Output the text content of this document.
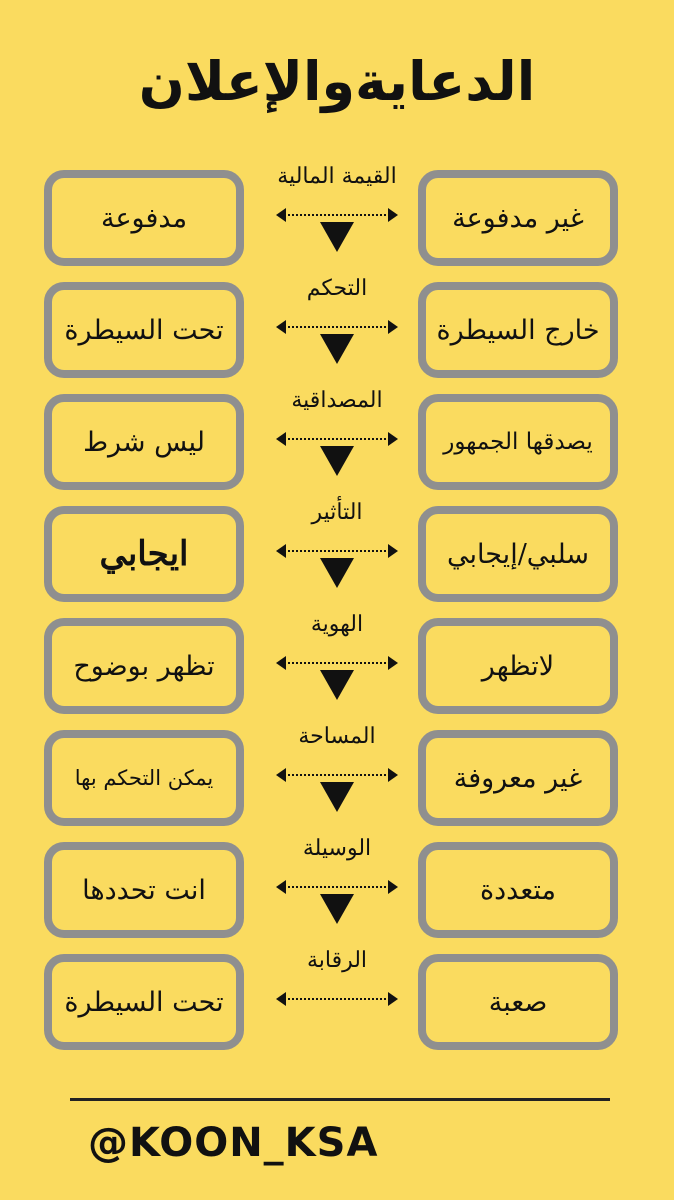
الدعايةوالإعلان
مدفوعة
القيمة المالية
غير مدفوعة
تحت السيطرة
التحكم
خارج السيطرة
ليس شرط
المصداقية
يصدقها الجمهور
ايجابي
التأثير
سلبي/إيجابي
تظهر بوضوح
الهوية
لاتظهر
يمكن التحكم بها
المساحة
غير معروفة
انت تحددها
الوسيلة
متعددة
تحت السيطرة
الرقابة
صعبة
@KOON_KSA
